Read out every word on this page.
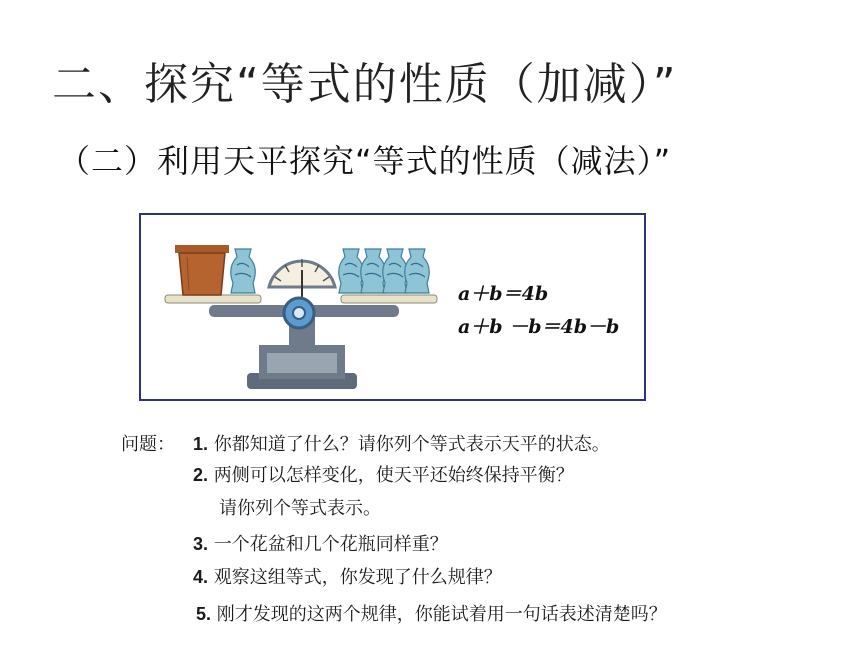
二、探究“等式的性质（加减）”
（二）利用天平探究“等式的性质（减法）”
a＋b＝4b
a＋b －b＝4b－b
问题： 1. 你都知道了什么？请你列个等式表示天平的状态。
2. 两侧可以怎样变化，使天平还始终保持平衡？
请你列个等式表示。
3. 一个花盆和几个花瓶同样重？
4. 观察这组等式，你发现了什么规律？
5. 刚才发现的这两个规律，你能试着用一句话表述清楚吗？
